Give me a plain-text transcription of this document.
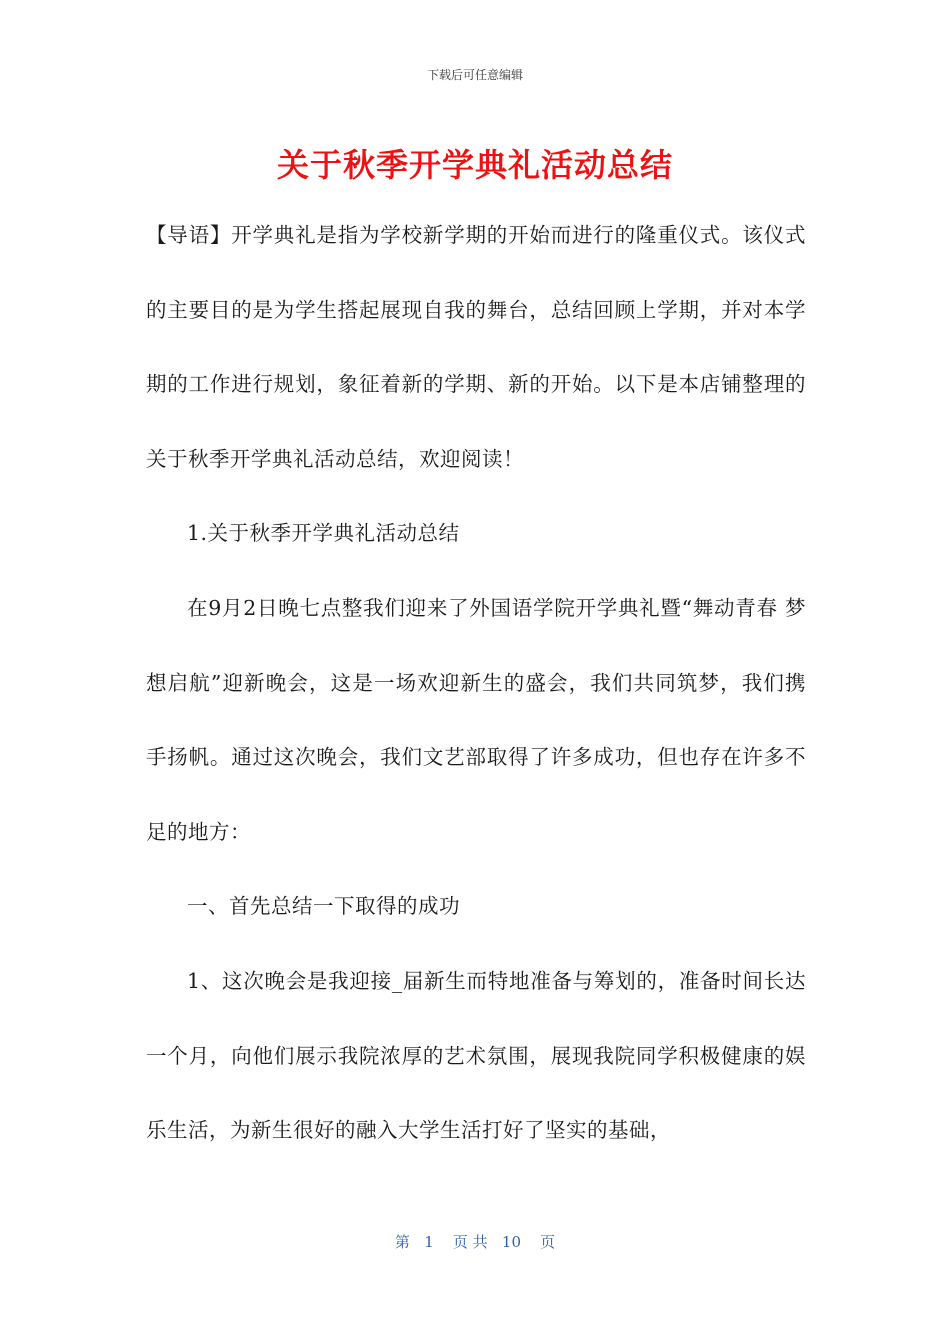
下载后可任意编辑
关于秋季开学典礼活动总结

【导语】开学典礼是指为学校新学期的开始而进行的隆重仪式。该仪式的主要目的是为学生搭起展现自我的舞台，总结回顾上学期，并对本学期的工作进行规划，象征着新的学期、新的开始。以下是本店铺整理的关于秋季开学典礼活动总结，欢迎阅读！

1.关于秋季开学典礼活动总结

在9月2日晚七点整我们迎来了外国语学院开学典礼暨“舞动青春 梦想启航”迎新晚会，这是一场欢迎新生的盛会，我们共同筑梦，我们携手扬帆。通过这次晚会，我们文艺部取得了许多成功，但也存在许多不足的地方：

一、首先总结一下取得的成功

1、这次晚会是我迎接_届新生而特地准备与筹划的，准备时间长达一个月，向他们展示我院浓厚的艺术氛围，展现我院同学积极健康的娱乐生活，为新生很好的融入大学生活打好了坚实的基础，

第 1 页 共 10 页
